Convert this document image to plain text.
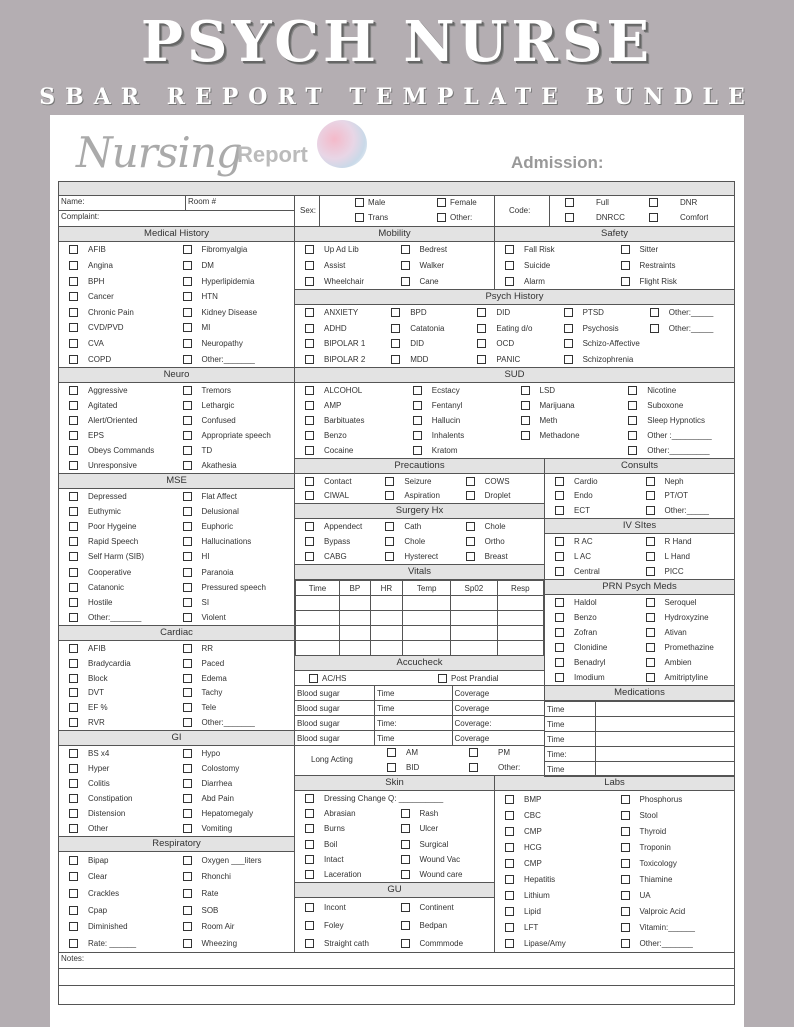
PSYCH NURSE
SBAR REPORT TEMPLATE BUNDLE
Nursing
Report	Admission:
Name:	Room #
Complaint:
Sex:
Male	Female
Trans	Other:
Code:
Full	DNR
DNRCC	Comfort
Medical History
AFIB	Fibromyalgia
Angina	DM
BPH	Hyperlipidemia
Cancer	HTN
Chronic Pain	Kidney Disease
CVD/PVD	MI
CVA	Neuropathy
COPD	Other:_______
Mobility
Up Ad Lib	Bedrest
Assist	Walker
Wheelchair	Cane
Safety
Fall Risk	Sitter
Suicide	Restraints
Alarm	Flight Risk
Psych History
ANXIETY	BPD	DID	PTSD	Other:_____
ADHD	Catatonia	Eating d/o	Psychosis	Other:_____
BIPOLAR 1	DID	OCD	Schizo-Affective
BIPOLAR 2	MDD	PANIC	Schizophrenia
Neuro
Aggressive	Tremors
Agitated	Lethargic
Alert/Oriented	Confused
EPS	Appropriate speech
Obeys Commands	TD
Unresponsive	Akathesia
SUD
ALCOHOL	Ecstacy	LSD	Nicotine
AMP	Fentanyl	Marijuana	Suboxone
Barbituates	Hallucin	Meth	Sleep Hypnotics
Benzo	Inhalents	Methadone	Other :_________
Cocaine	Kratom	Other:_________
MSE
Depressed	Flat Affect
Euthymic	Delusional
Poor Hygeine	Euphoric
Rapid Speech	Hallucinations
Self Harm (SIB)	HI
Cooperative	Paranoia
Catanonic	Pressured speech
Hostile	SI
Other:_______	Violent
Precautions
Contact	Seizure	COWS
CIWAL	Aspiration	Droplet
Consults
Cardio	Neph
Endo	PT/OT
ECT	Other:_____
Surgery Hx
Appendect	Cath	Chole
Bypass	Chole	Ortho
CABG	Hysterect	Breast
IV SItes
R AC	R Hand
L AC	L Hand
Central	PICC
PRN Psych Meds
Haldol	Seroquel
Benzo	Hydroxyzine
Zofran	Ativan
Clonidine	Promethazine
Benadryl	Ambien
Imodium	Amitriptyline
Cardiac
AFIB	RR
Bradycardia	Paced
Block	Edema
DVT	Tachy
EF %	Tele
RVR	Other:_______
GI
BS x4	Hypo
Hyper	Colostomy
Colitis	Diarrhea
Constipation	Abd Pain
Distension	Hepatomegaly
Other	Vomiting
Respiratory
Bipap	Oxygen ___liters
Clear	Rhonchi
Crackles	Rate
Cpap	SOB
Diminished	Room Air
Rate: ______	Wheezing
Skin
Dressing Change Q: __________
Abrasian	Rash
Burns	Ulcer
Boil	Surgical
Intact	Wound Vac
Laceration	Wound care
GU
Incont	Continent
Foley	Bedpan
Straight cath	Commmode
Labs
BMP	Phosphorus
CBC	Stool
CMP	Thyroid
HCG	Troponin
CMP	Toxicology
Hepatitis	Thiamine
Lithium	UA
Lipid	Valproic Acid
LFT	Vitamin:______
Lipase/Amy	Other:_______
Vitals
Time	BP	HR	Temp	Sp02	Resp

Accucheck
AC/HS	Post Prandial
Blood sugar	Time	Coverage
Blood sugar	Time	Coverage
Blood sugar	Time:	Coverage:
Blood sugar	Time	Coverage
Medications
Time	
Time	
Time	
Time:	
Time	
Long Acting
AM	PM
BID	Other:
Notes:
